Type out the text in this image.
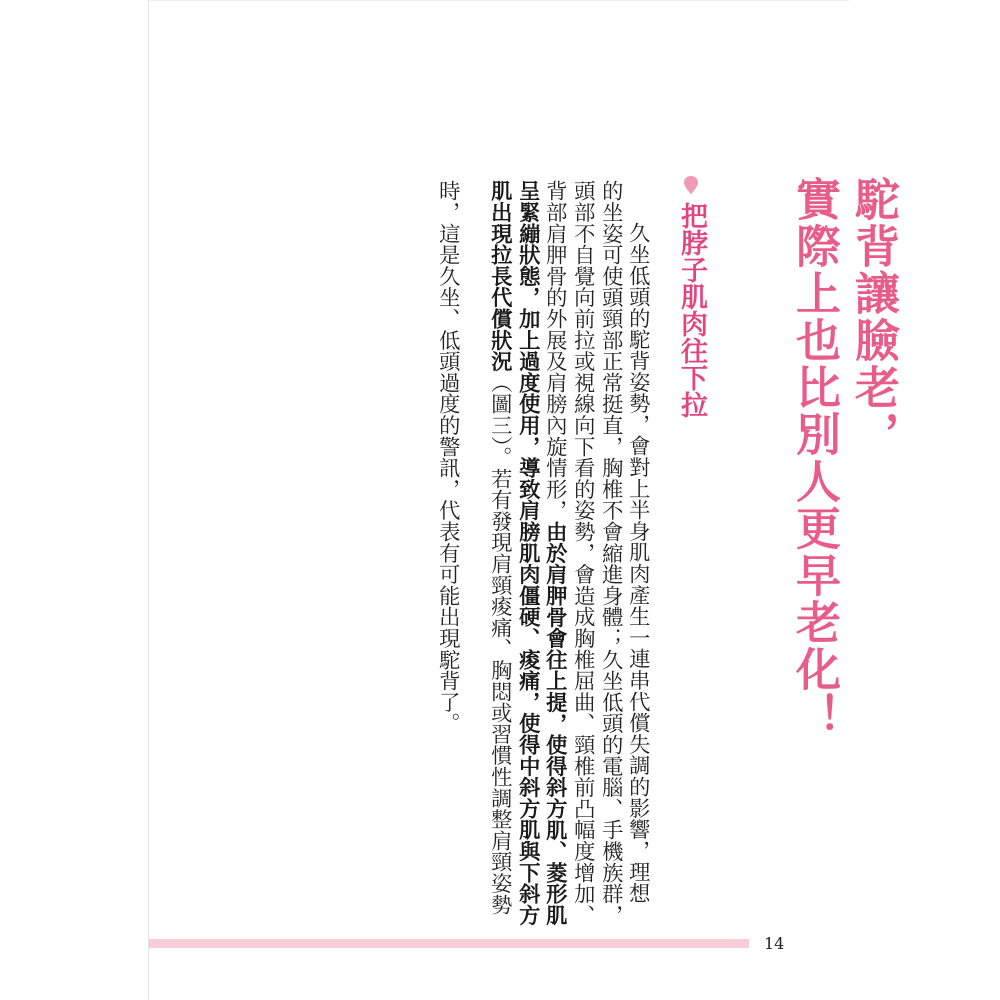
駝背讓臉老，
實際上也比別人更早老化！
把脖子肌肉往下拉
久坐低頭的駝背姿勢，會對上半身肌肉產生一連串代償失調的影響，理想
的坐姿可使頭頸部正常挺直，胸椎不會縮進身體；久坐低頭的電腦、手機族群，
頭部不自覺向前拉或視線向下看的姿勢，會造成胸椎屈曲、頸椎前凸幅度增加、
背部肩胛骨的外展及肩膀內旋情形，由於肩胛骨會往上提，使得斜方肌、菱形肌
呈緊繃狀態，加上過度使用，導致肩膀肌肉僵硬、痠痛，使得中斜方肌與下斜方
肌出現拉長代償狀況（圖三）。若有發現肩頸痠痛、胸悶或習慣性調整肩頸姿勢
時，這是久坐、低頭過度的警訊，代表有可能出現駝背了。
14
